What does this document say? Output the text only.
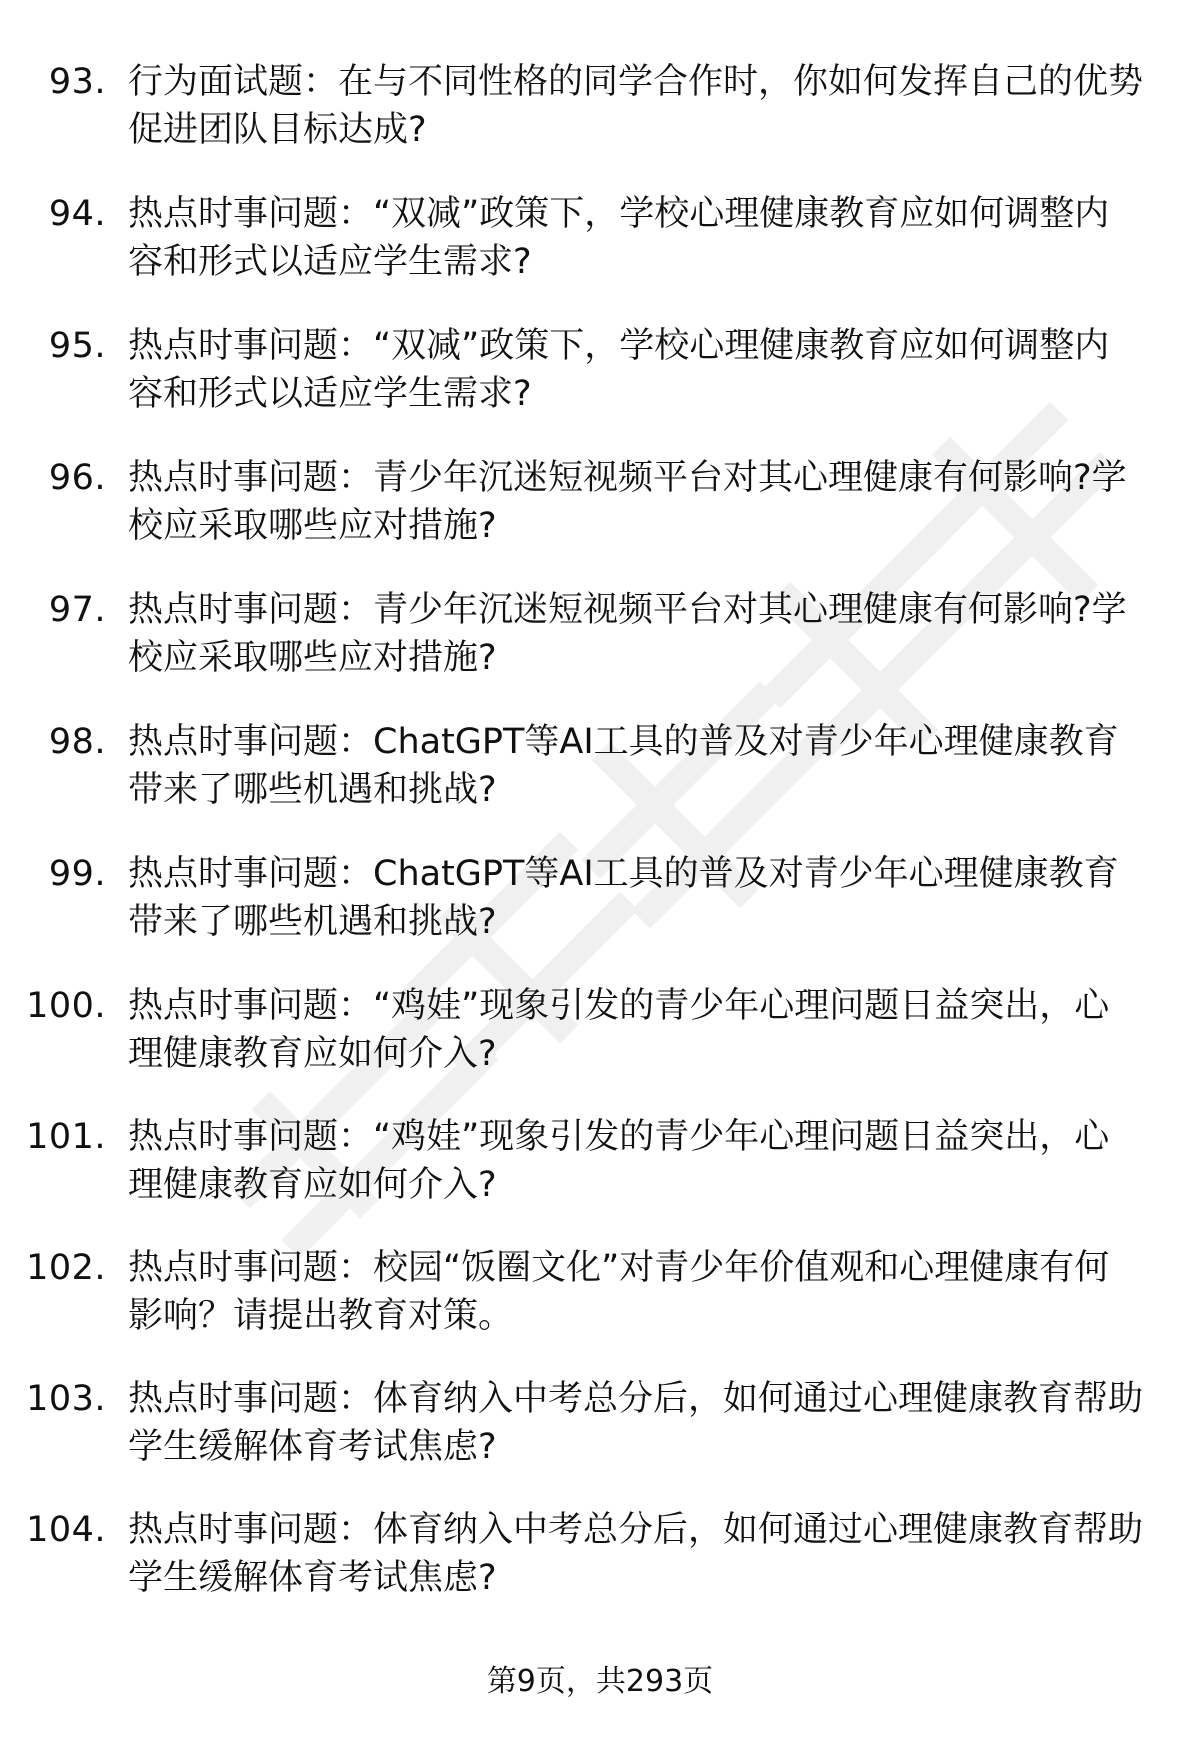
93. 行为面试题：在与不同性格的同学合作时，你如何发挥自己的优势促进团队目标达成?
94. 热点时事问题：“双减”政策下，学校心理健康教育应如何调整内容和形式以适应学生需求?
95. 热点时事问题：“双减”政策下，学校心理健康教育应如何调整内容和形式以适应学生需求?
96. 热点时事问题：青少年沉迷短视频平台对其心理健康有何影响?学校应采取哪些应对措施?
97. 热点时事问题：青少年沉迷短视频平台对其心理健康有何影响?学校应采取哪些应对措施?
98. 热点时事问题：ChatGPT等AI工具的普及对青少年心理健康教育带来了哪些机遇和挑战?
99. 热点时事问题：ChatGPT等AI工具的普及对青少年心理健康教育带来了哪些机遇和挑战?
100. 热点时事问题：“鸡娃”现象引发的青少年心理问题日益突出，心理健康教育应如何介入?
101. 热点时事问题：“鸡娃”现象引发的青少年心理问题日益突出，心理健康教育应如何介入?
102. 热点时事问题：校园“饭圈文化”对青少年价值观和心理健康有何影响？请提出教育对策。
103. 热点时事问题：体育纳入中考总分后，如何通过心理健康教育帮助学生缓解体育考试焦虑?
104. 热点时事问题：体育纳入中考总分后，如何通过心理健康教育帮助学生缓解体育考试焦虑?
第9页，共293页
